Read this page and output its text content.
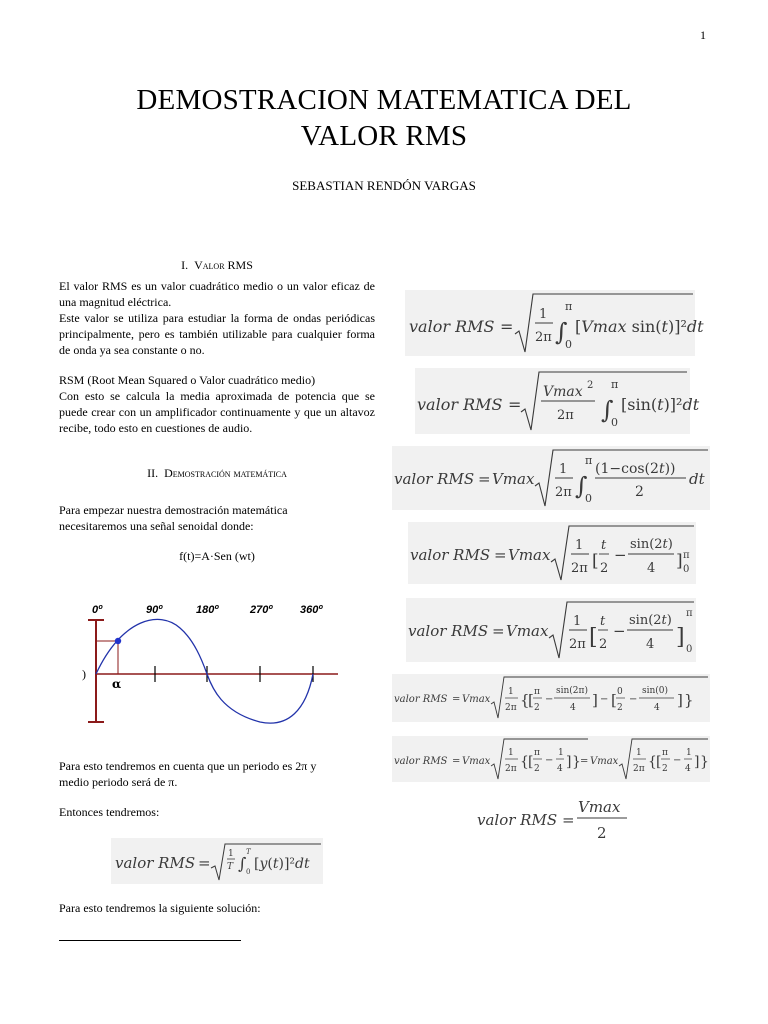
1
DEMOSTRACION MATEMATICA DEL
VALOR RMS
SEBASTIAN RENDÓN VARGAS
I. Valor RMS

El valor RMS es un valor cuadrático medio o un valor eficaz de una magnitud eléctrica.

Este valor se utiliza para estudiar la forma de ondas periódicas principalmente, pero es también utilizable para cualquier forma de onda ya sea constante o no.

RSM (Root Mean Squared o Valor cuadrático medio)

Con esto se calcula la media aproximada de potencia que se puede crear con un amplificador continuamente y que un altavoz recibe, todo esto en cuestiones de audio.

II. Demostración matemática
Para empezar nuestra demostración matemática necesitaremos una señal senoidal donde:
f(t)=A·Sen (wt)
0º	90º	180º	270º	360º
α
)

Para esto tendremos en cuenta que un periodo es 2π y

medio periodo será de π.

Entonces tendremos:
valor RMS = 1
T ∫
T
0 [y(t)]²dt
Para esto tendremos la siguiente solución:
valor RMS =
1
2π ∫
π
0
[Vmax sin(t)]²dt
valor RMS =
Vmax 2
2π ∫
π
0
[sin(t)]²dt
valor RMS = Vmax
1
2π ∫
π
0
(1−cos(2t))
2
dt
valor RMS = Vmax
1
2π [
t
2
−
sin(2t)
4 ] π
0
valor RMS = Vmax
1
2π [
t
2
−
sin(2t)
4 ]
π
0
valor RMS = Vmax
1
2π {
[ π
2
−
sin(2π)
4 ] − [ 0
2
−
sin(0)
4 ] }
valor RMS = Vmax
1
2π { [
π
2
−
1
4 ] } = Vmax
1
2π { [
π
2
−
1
4 ] }
valor RMS =
Vmax
2
